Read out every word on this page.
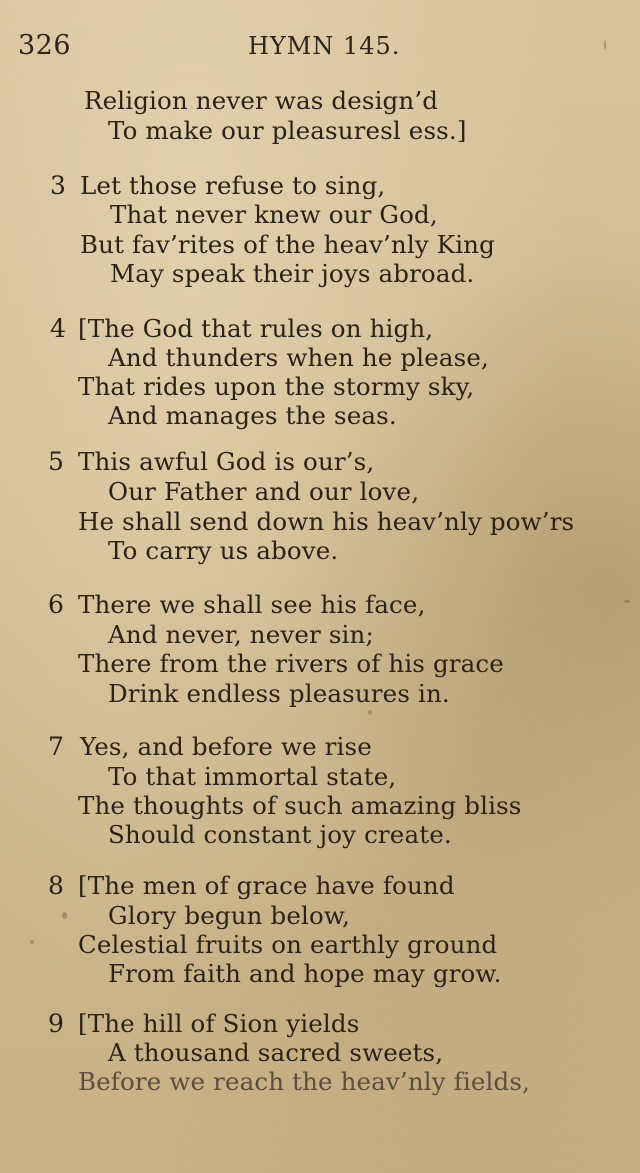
326	HYMN 145.
Religion never was design’d
To make our pleasuresl ess.]
3 Let those refuse to sing,
That never knew our God,
But fav’rites of the heav’nly King
May speak their joys abroad.
4 [The God that rules on high,
And thunders when he please,
That rides upon the stormy sky,
And manages the seas.
5 This awful God is our’s,
Our Father and our love,
He shall send down his heav’nly pow’rs
To carry us above.
6 There we shall see his face,
And never, never sin;
There from the rivers of his grace
Drink endless pleasures in.
7 Yes, and before we rise
To that immortal state,
The thoughts of such amazing bliss
Should constant joy create.
8 [The men of grace have found
Glory begun below,
Celestial fruits on earthly ground
From faith and hope may grow.
9 [The hill of Sion yields
A thousand sacred sweets,
Before we reach the heav’nly fields,
